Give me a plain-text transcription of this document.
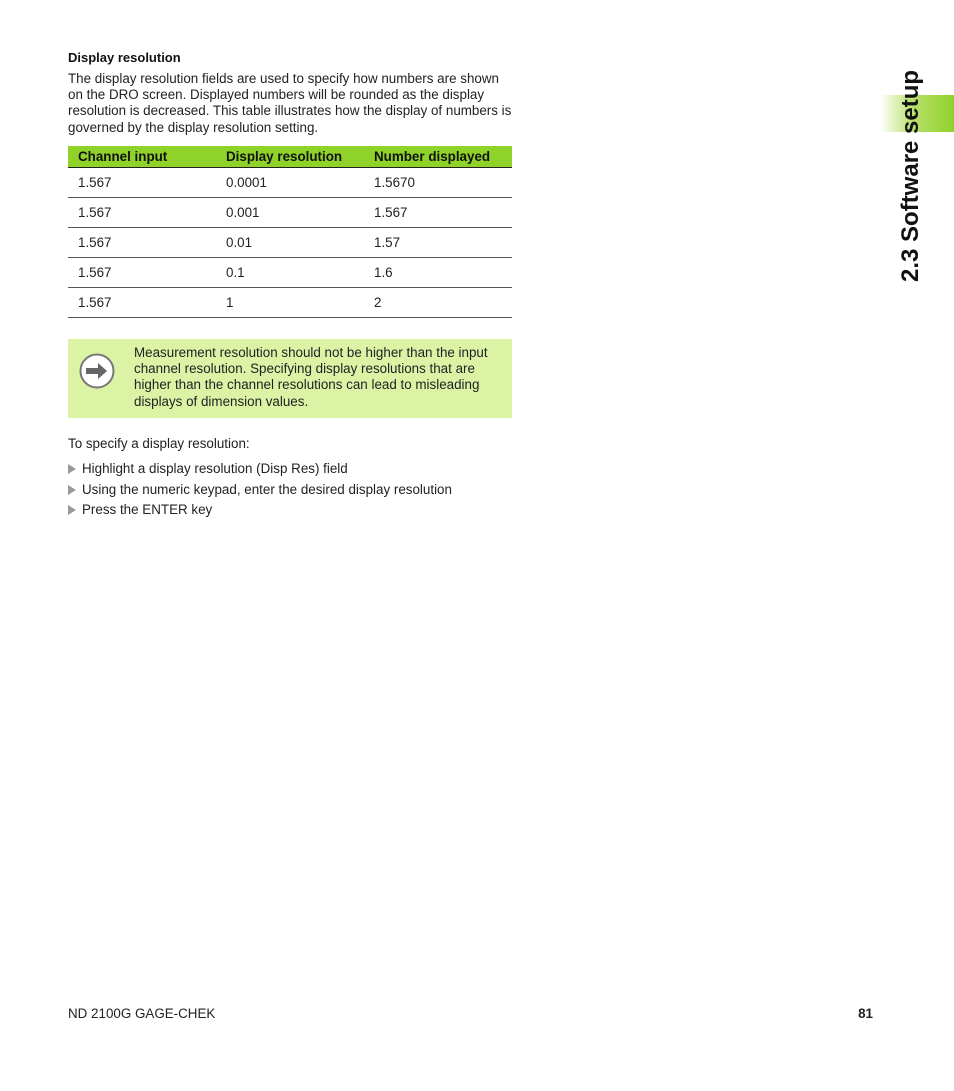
2.3 Software setup
Display resolution

The display resolution fields are used to specify how numbers are shown on the DRO screen. Displayed numbers will be rounded as the display resolution is decreased. This table illustrates how the display of numbers is governed by the display resolution setting.

Channel input	Display resolution	Number displayed
1.567	0.0001	1.5670
1.567	0.001	1.567
1.567	0.01	1.57
1.567	0.1	1.6
1.567	1	2

Measurement resolution should not be higher than the input channel resolution. Specifying display resolutions that are higher than the channel resolutions can lead to misleading displays of dimension values.

To specify a display resolution:

Highlight a display resolution (Disp Res) field
Using the numeric keypad, enter the desired display resolution
Press the ENTER key
ND 2100G GAGE-CHEK	81
